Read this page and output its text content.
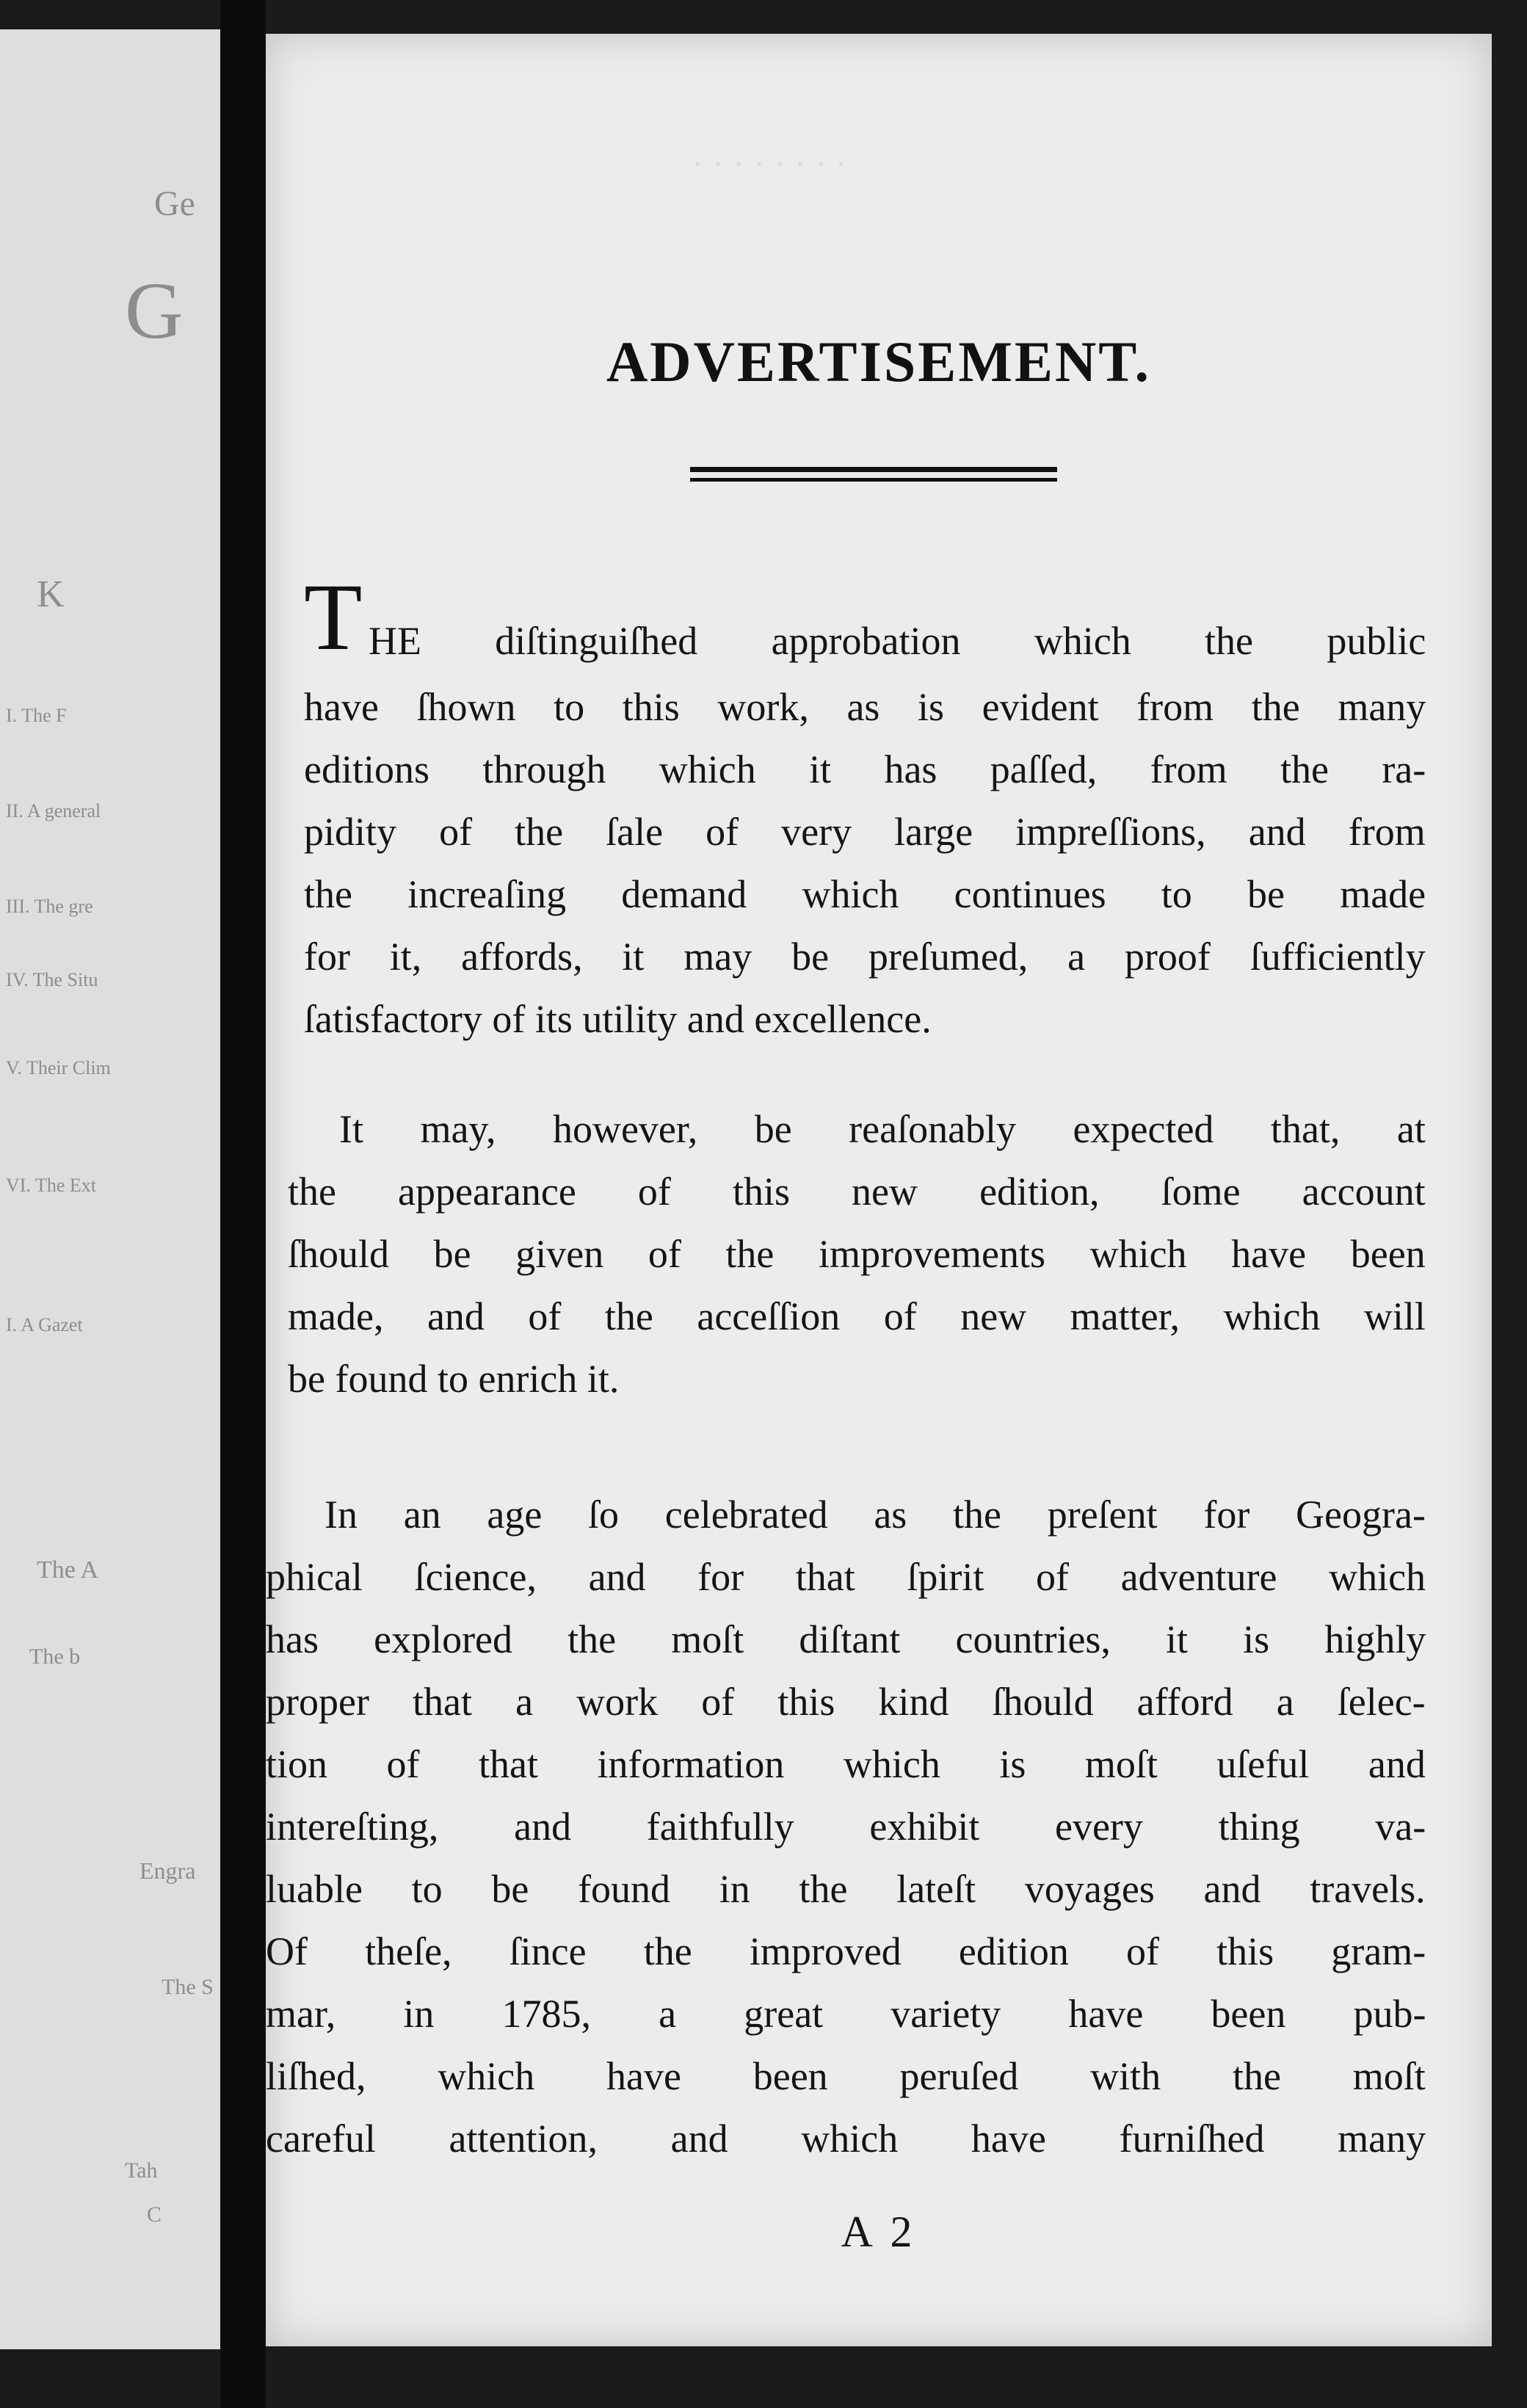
Ge
G
K
I. The F
II. A general
III. The gre
IV. The Situ
V. Their Clim
VI. The Ext
I. A Gazet
The A
The b
Engra
The S
Tah
C
· · · · · · · ·
ADVERTISEMENT.
T HE diſtinguiſhed approbation which the public

have ſhown to this work, as is evident from the many

editions through which it has paſſed, from the ra-

pidity of the ſale of very large impreſſions, and from

the increaſing demand which continues to be made

for it, affords, it may be preſumed, a proof ſufficiently

ſatisfactory of its utility and excellence.

It may, however, be reaſonably expected that, at

the appearance of this new edition, ſome account

ſhould be given of the improvements which have been

made, and of the acceſſion of new matter, which will

be found to enrich it.

In an age ſo celebrated as the preſent for Geogra-

phical ſcience, and for that ſpirit of adventure which

has explored the moſt diſtant countries, it is highly

proper that a work of this kind ſhould afford a ſelec-

tion of that information which is moſt uſeful and

intereſting, and faithfully exhibit every thing va-

luable to be found in the lateſt voyages and travels.

Of theſe, ſince the improved edition of this gram-

mar, in 1785, a great variety have been pub-

liſhed, which have been peruſed with the moſt

careful attention, and which have furniſhed many

A 2
